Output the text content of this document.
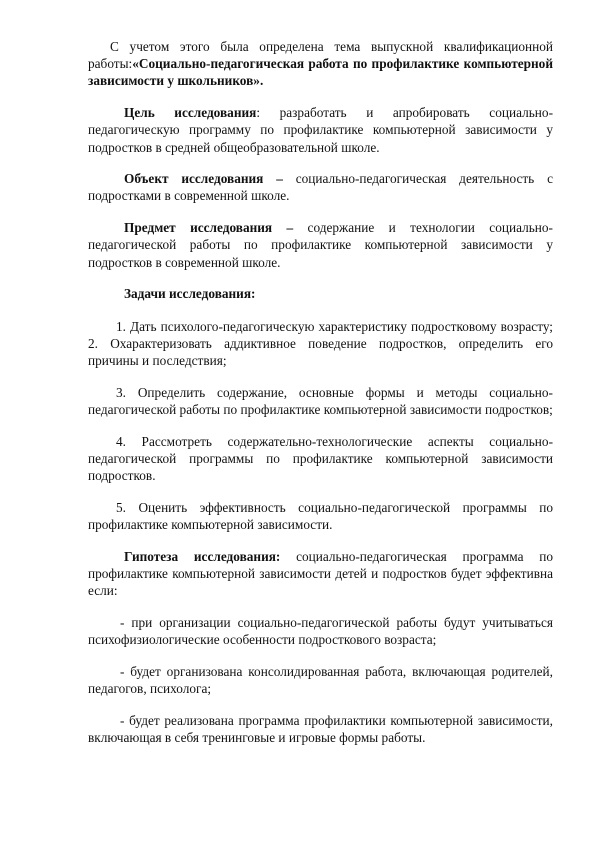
С учетом этого была определена тема выпускной квалификационной работы:«Социально-педагогическая работа по профилактике компьютерной зависимости у школьников».

Цель исследования: разработать и апробировать социально-педагогическую программу по профилактике компьютерной зависимости у подростков в средней общеобразовательной школе.

Объект исследования – социально-педагогическая деятельность с подростками в современной школе.

Предмет исследования – содержание и технологии социально-педагогической работы по профилактике компьютерной зависимости у подростков в современной школе.

Задачи исследования:

1. Дать психолого-педагогическую характеристику подростковому возрасту; 2. Охарактеризовать аддиктивное поведение подростков, определить его причины и последствия;

3. Определить содержание, основные формы и методы социально-педагогической работы по профилактике компьютерной зависимости подростков;

4. Рассмотреть содержательно-технологические аспекты социально-педагогической программы по профилактике компьютерной зависимости подростков.

5. Оценить эффективность социально-педагогической программы по профилактике компьютерной зависимости.

Гипотеза исследования: социально-педагогическая программа по профилактике компьютерной зависимости детей и подростков будет эффективна если:

- при организации социально-педагогической работы будут учитываться психофизиологические особенности подросткового возраста;

- будет организована консолидированная работа, включающая родителей, педагогов, психолога;

- будет реализована программа профилактики компьютерной зависимости, включающая в себя тренинговые и игровые формы работы.
